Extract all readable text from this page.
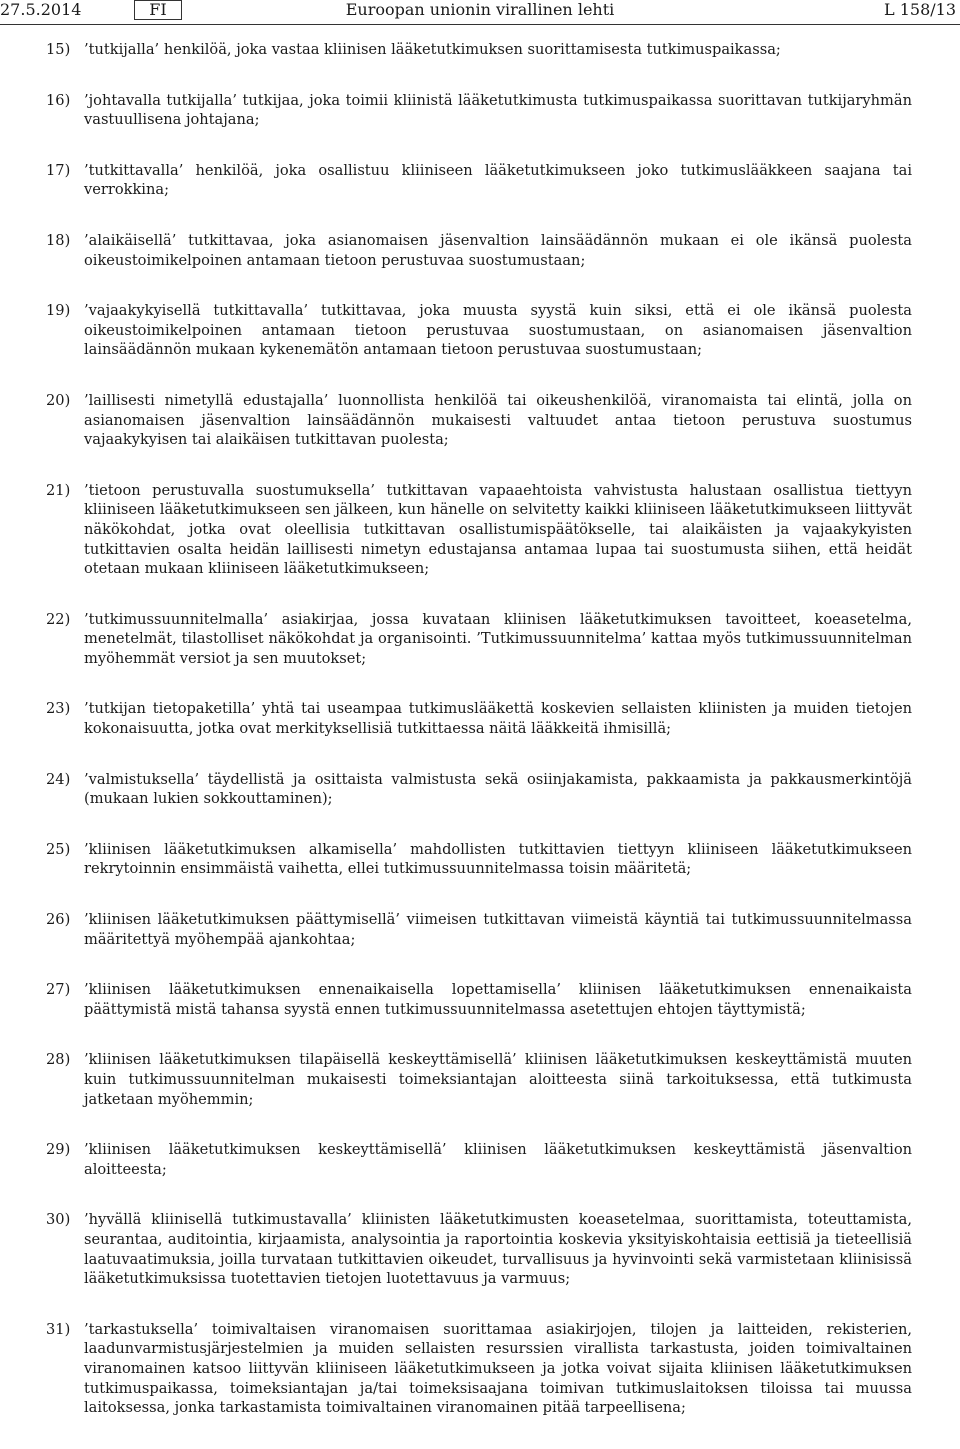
27.5.2014	FI	Euroopan unionin virallinen lehti	L 158/13
15) ’tutkijalla’ henkilöä, joka vastaa kliinisen lääketutkimuksen suorittamisesta tutkimuspaikassa;
16) ’johtavalla tutkijalla’ tutkijaa, joka toimii kliinistä lääketutkimusta tutkimuspaikassa suorittavan tutkijaryhmän vastuullisena johtajana;
17) ’tutkittavalla’ henkilöä, joka osallistuu kliiniseen lääketutkimukseen joko tutkimuslääkkeen saajana tai verrokkina;
18) ’alaikäisellä’ tutkittavaa, joka asianomaisen jäsenvaltion lainsäädännön mukaan ei ole ikänsä puolesta oikeustoimikelpoinen antamaan tietoon perustuvaa suostumustaan;
19) ’vajaakykyisellä tutkittavalla’ tutkittavaa, joka muusta syystä kuin siksi, että ei ole ikänsä puolesta oikeustoimikelpoinen antamaan tietoon perustuvaa suostumustaan, on asianomaisen jäsenvaltion lainsäädännön mukaan kykenemätön antamaan tietoon perustuvaa suostumustaan;
20) ’laillisesti nimetyllä edustajalla’ luonnollista henkilöä tai oikeushenkilöä, viranomaista tai elintä, jolla on asianomaisen jäsenvaltion lainsäädännön mukaisesti valtuudet antaa tietoon perustuva suostumus vajaakykyisen tai alaikäisen tutkittavan puolesta;
21) ’tietoon perustuvalla suostumuksella’ tutkittavan vapaaehtoista vahvistusta halustaan osallistua tiettyyn kliiniseen lääketutkimukseen sen jälkeen, kun hänelle on selvitetty kaikki kliiniseen lääketutkimukseen liittyvät näkökohdat, jotka ovat oleellisia tutkittavan osallistumispäätökselle, tai alaikäisten ja vajaakykyisten tutkittavien osalta heidän laillisesti nimetyn edustajansa antamaa lupaa tai suostumusta siihen, että heidät otetaan mukaan kliiniseen lääketutkimukseen;
22) ’tutkimussuunnitelmalla’ asiakirjaa, jossa kuvataan kliinisen lääketutkimuksen tavoitteet, koeasetelma, menetelmät, tilastolliset näkökohdat ja organisointi. ’Tutkimussuunnitelma’ kattaa myös tutkimussuunnitelman myöhemmät versiot ja sen muutokset;
23) ’tutkijan tietopaketilla’ yhtä tai useampaa tutkimuslääkettä koskevien sellaisten kliinisten ja muiden tietojen kokonaisuutta, jotka ovat merkityksellisiä tutkittaessa näitä lääkkeitä ihmisillä;
24) ’valmistuksella’ täydellistä ja osittaista valmistusta sekä osiinjakamista, pakkaamista ja pakkausmerkintöjä (mukaan lukien sokkouttaminen);
25) ’kliinisen lääketutkimuksen alkamisella’ mahdollisten tutkittavien tiettyyn kliiniseen lääketutkimukseen rekrytoinnin ensimmäistä vaihetta, ellei tutkimussuunnitelmassa toisin määritetä;
26) ’kliinisen lääketutkimuksen päättymisellä’ viimeisen tutkittavan viimeistä käyntiä tai tutkimussuunnitelmassa määritettyä myöhempää ajankohtaa;
27) ’kliinisen lääketutkimuksen ennenaikaisella lopettamisella’ kliinisen lääketutkimuksen ennenaikaista päättymistä mistä tahansa syystä ennen tutkimussuunnitelmassa asetettujen ehtojen täyttymistä;
28) ’kliinisen lääketutkimuksen tilapäisellä keskeyttämisellä’ kliinisen lääketutkimuksen keskeyttämistä muuten kuin tutkimussuunnitelman mukaisesti toimeksiantajan aloitteesta siinä tarkoituksessa, että tutkimusta jatketaan myöhemmin;
29) ’kliinisen lääketutkimuksen keskeyttämisellä’ kliinisen lääketutkimuksen keskeyttämistä jäsenvaltion aloitteesta;
30) ’hyvällä kliinisellä tutkimustavalla’ kliinisten lääketutkimusten koeasetelmaa, suorittamista, toteuttamista, seurantaa, auditointia, kirjaamista, analysointia ja raportointia koskevia yksityiskohtaisia eettisiä ja tieteellisiä laatuvaatimuksia, joilla turvataan tutkittavien oikeudet, turvallisuus ja hyvinvointi sekä varmistetaan kliinisissä lääketutkimuksissa tuotettavien tietojen luotettavuus ja varmuus;
31) ’tarkastuksella’ toimivaltaisen viranomaisen suorittamaa asiakirjojen, tilojen ja laitteiden, rekisterien, laadunvarmistusjärjestelmien ja muiden sellaisten resurssien virallista tarkastusta, joiden toimivaltainen viranomainen katsoo liittyvän kliiniseen lääketutkimukseen ja jotka voivat sijaita kliinisen lääketutkimuksen tutkimuspaikassa, toimeksiantajan ja/tai toimeksisaajana toimivan tutkimuslaitoksen tiloissa tai muussa laitoksessa, jonka tarkastamista toimivaltainen viranomainen pitää tarpeellisena;
